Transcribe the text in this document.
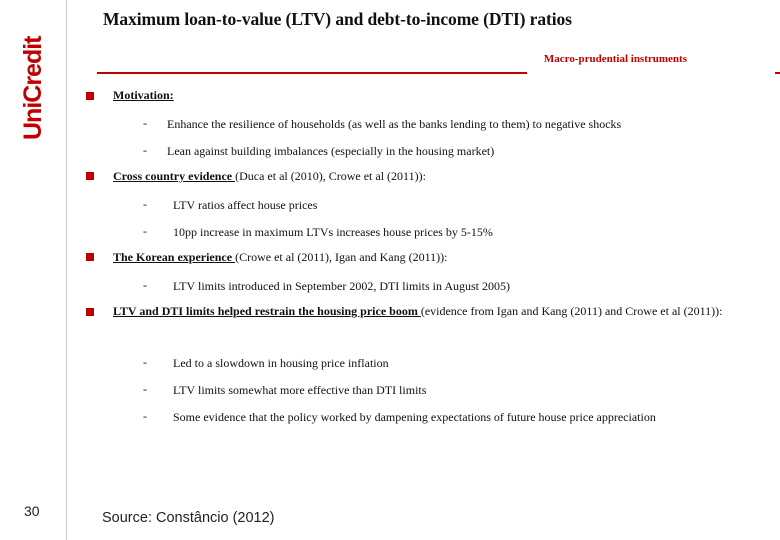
UniCredit
30
Maximum loan-to-value (LTV) and debt-to-income (DTI) ratios
Macro-prudential instruments
Motivation:
- Enhance the resilience of households (as well as the banks lending to them) to negative shocks
- Lean against building imbalances (especially in the housing market)
Cross country evidence (Duca et al (2010), Crowe et al (2011)):
- LTV ratios affect house prices
- 10pp increase in maximum LTVs increases house prices by 5-15%
The Korean experience (Crowe et al (2011), Igan and Kang (2011)):
- LTV limits introduced in September 2002, DTI limits in August 2005)
LTV and DTI limits helped restrain the housing price boom (evidence from Igan and Kang (2011) and Crowe et al (2011)):
- Led to a slowdown in housing price inflation
- LTV limits somewhat more effective than DTI limits
- Some evidence that the policy worked by dampening expectations of future house price appreciation
Source: Constâncio (2012)
